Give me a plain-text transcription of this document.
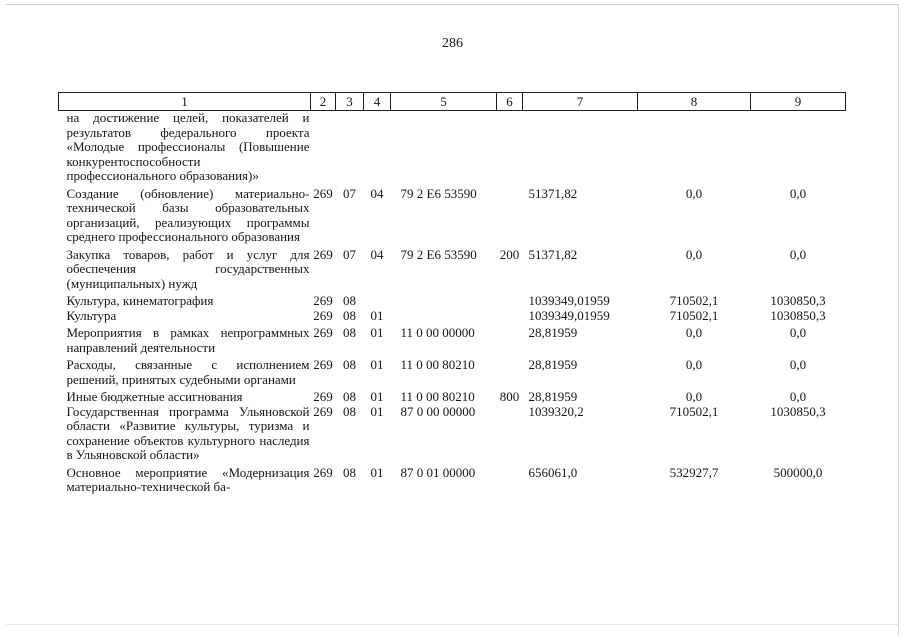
286
1	2	3	4	5	6	7	8	9
на достижение целей, показателей и результатов федерального проекта «Молодые профессионалы (Повышение конкурентоспособности профессионального образования)»								
Создание (обновление) материально-технической базы образовательных организаций, реализующих программы среднего профессионального образования	269	07	04	79 2 E6 53590		51371,82	0,0	0,0
Закупка товаров, работ и услуг для обеспечения государственных (муниципальных) нужд	269	07	04	79 2 E6 53590	200	51371,82	0,0	0,0
Культура, кинематография	269	08				1039349,01959	710502,1	1030850,3
Культура	269	08	01			1039349,01959	710502,1	1030850,3
Мероприятия в рамках непрограммных направлений деятельности	269	08	01	11 0 00 00000		28,81959	0,0	0,0
Расходы, связанные с исполнением решений, принятых судебными органами	269	08	01	11 0 00 80210		28,81959	0,0	0,0
Иные бюджетные ассигнования	269	08	01	11 0 00 80210	800	28,81959	0,0	0,0
Государственная программа Ульяновской области «Развитие культуры, туризма и сохранение объектов культурного наследия в Ульяновской области»	269	08	01	87 0 00 00000		1039320,2	710502,1	1030850,3
Основное мероприятие «Модернизация материально-технической ба-	269	08	01	87 0 01 00000		656061,0	532927,7	500000,0
